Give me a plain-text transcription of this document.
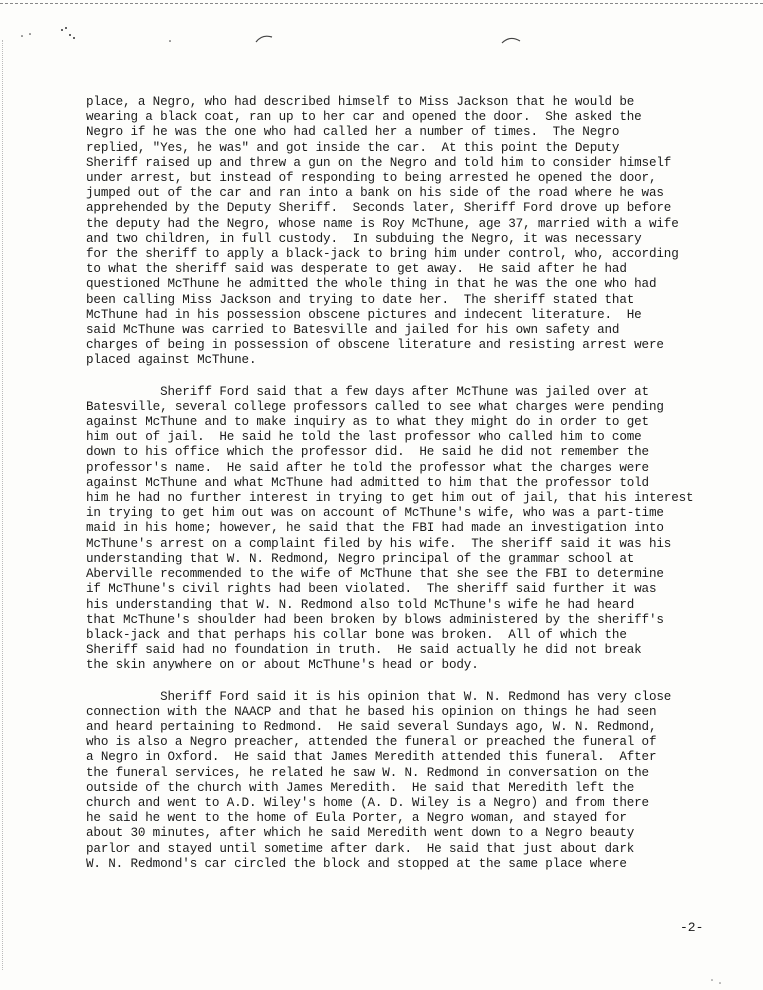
place, a Negro, who had described himself to Miss Jackson that he would be
wearing a black coat, ran up to her car and opened the door.  She asked the
Negro if he was the one who had called her a number of times.  The Negro
replied, "Yes, he was" and got inside the car.  At this point the Deputy
Sheriff raised up and threw a gun on the Negro and told him to consider himself
under arrest, but instead of responding to being arrested he opened the door,
jumped out of the car and ran into a bank on his side of the road where he was
apprehended by the Deputy Sheriff.  Seconds later, Sheriff Ford drove up before
the deputy had the Negro, whose name is Roy McThune, age 37, married with a wife
and two children, in full custody.  In subduing the Negro, it was necessary
for the sheriff to apply a black-jack to bring him under control, who, according
to what the sheriff said was desperate to get away.  He said after he had
questioned McThune he admitted the whole thing in that he was the one who had
been calling Miss Jackson and trying to date her.  The sheriff stated that
McThune had in his possession obscene pictures and indecent literature.  He
said McThune was carried to Batesville and jailed for his own safety and
charges of being in possession of obscene literature and resisting arrest were
placed against McThune.
Sheriff Ford said that a few days after McThune was jailed over at
Batesville, several college professors called to see what charges were pending
against McThune and to make inquiry as to what they might do in order to get
him out of jail.  He said he told the last professor who called him to come
down to his office which the professor did.  He said he did not remember the
professor's name.  He said after he told the professor what the charges were
against McThune and what McThune had admitted to him that the professor told
him he had no further interest in trying to get him out of jail, that his interest
in trying to get him out was on account of McThune's wife, who was a part-time
maid in his home; however, he said that the FBI had made an investigation into
McThune's arrest on a complaint filed by his wife.  The sheriff said it was his
understanding that W. N. Redmond, Negro principal of the grammar school at
Aberville recommended to the wife of McThune that she see the FBI to determine
if McThune's civil rights had been violated.  The sheriff said further it was
his understanding that W. N. Redmond also told McThune's wife he had heard
that McThune's shoulder had been broken by blows administered by the sheriff's
black-jack and that perhaps his collar bone was broken.  All of which the
Sheriff said had no foundation in truth.  He said actually he did not break
the skin anywhere on or about McThune's head or body.
Sheriff Ford said it is his opinion that W. N. Redmond has very close
connection with the NAACP and that he based his opinion on things he had seen
and heard pertaining to Redmond.  He said several Sundays ago, W. N. Redmond,
who is also a Negro preacher, attended the funeral or preached the funeral of
a Negro in Oxford.  He said that James Meredith attended this funeral.  After
the funeral services, he related he saw W. N. Redmond in conversation on the
outside of the church with James Meredith.  He said that Meredith left the
church and went to A.D. Wiley's home (A. D. Wiley is a Negro) and from there
he said he went to the home of Eula Porter, a Negro woman, and stayed for
about 30 minutes, after which he said Meredith went down to a Negro beauty
parlor and stayed until sometime after dark.  He said that just about dark
W. N. Redmond's car circled the block and stopped at the same place where
-2-
